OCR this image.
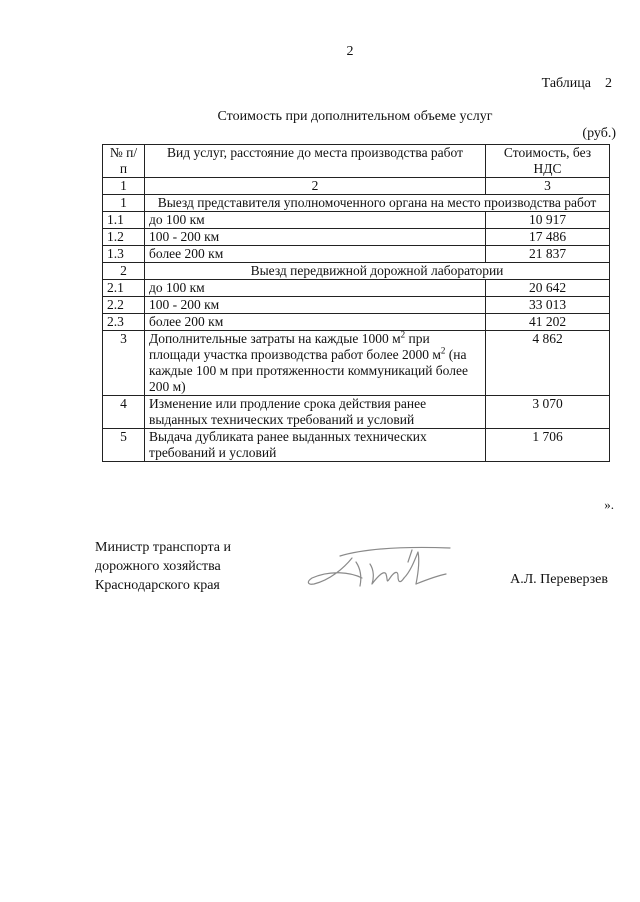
2
Таблица    2
Стоимость при дополнительном объеме услуг
(руб.)
№ п/п	Вид услуг, расстояние до места производства работ	Стоимость, без НДС
1	2	3
1	Выезд представителя уполномоченного органа на место производства работ	
1.1	до 100 км	10 917
1.2	100 - 200 км	17 486
1.3	более 200 км	21 837
2	Выезд передвижной дорожной лаборатории	
2.1	до 100 км	20 642
2.2	100 - 200 км	33 013
2.3	более 200 км	41 202
3	Дополнительные затраты на каждые 1000 $м^2$ при площади участка производства работ более 2000 $м^2$ (на каждые 100 м при протяженности коммуникаций более 200 м)	4 862
4	Изменение или продление срока действия ранее выданных технических требований и условий	3 070
5	Выдача дубликата ранее выданных технических требований и условий	1 706
».
Министр транспорта и
дорожного хозяйства
Краснодарского края	А.Л. Переверзев
